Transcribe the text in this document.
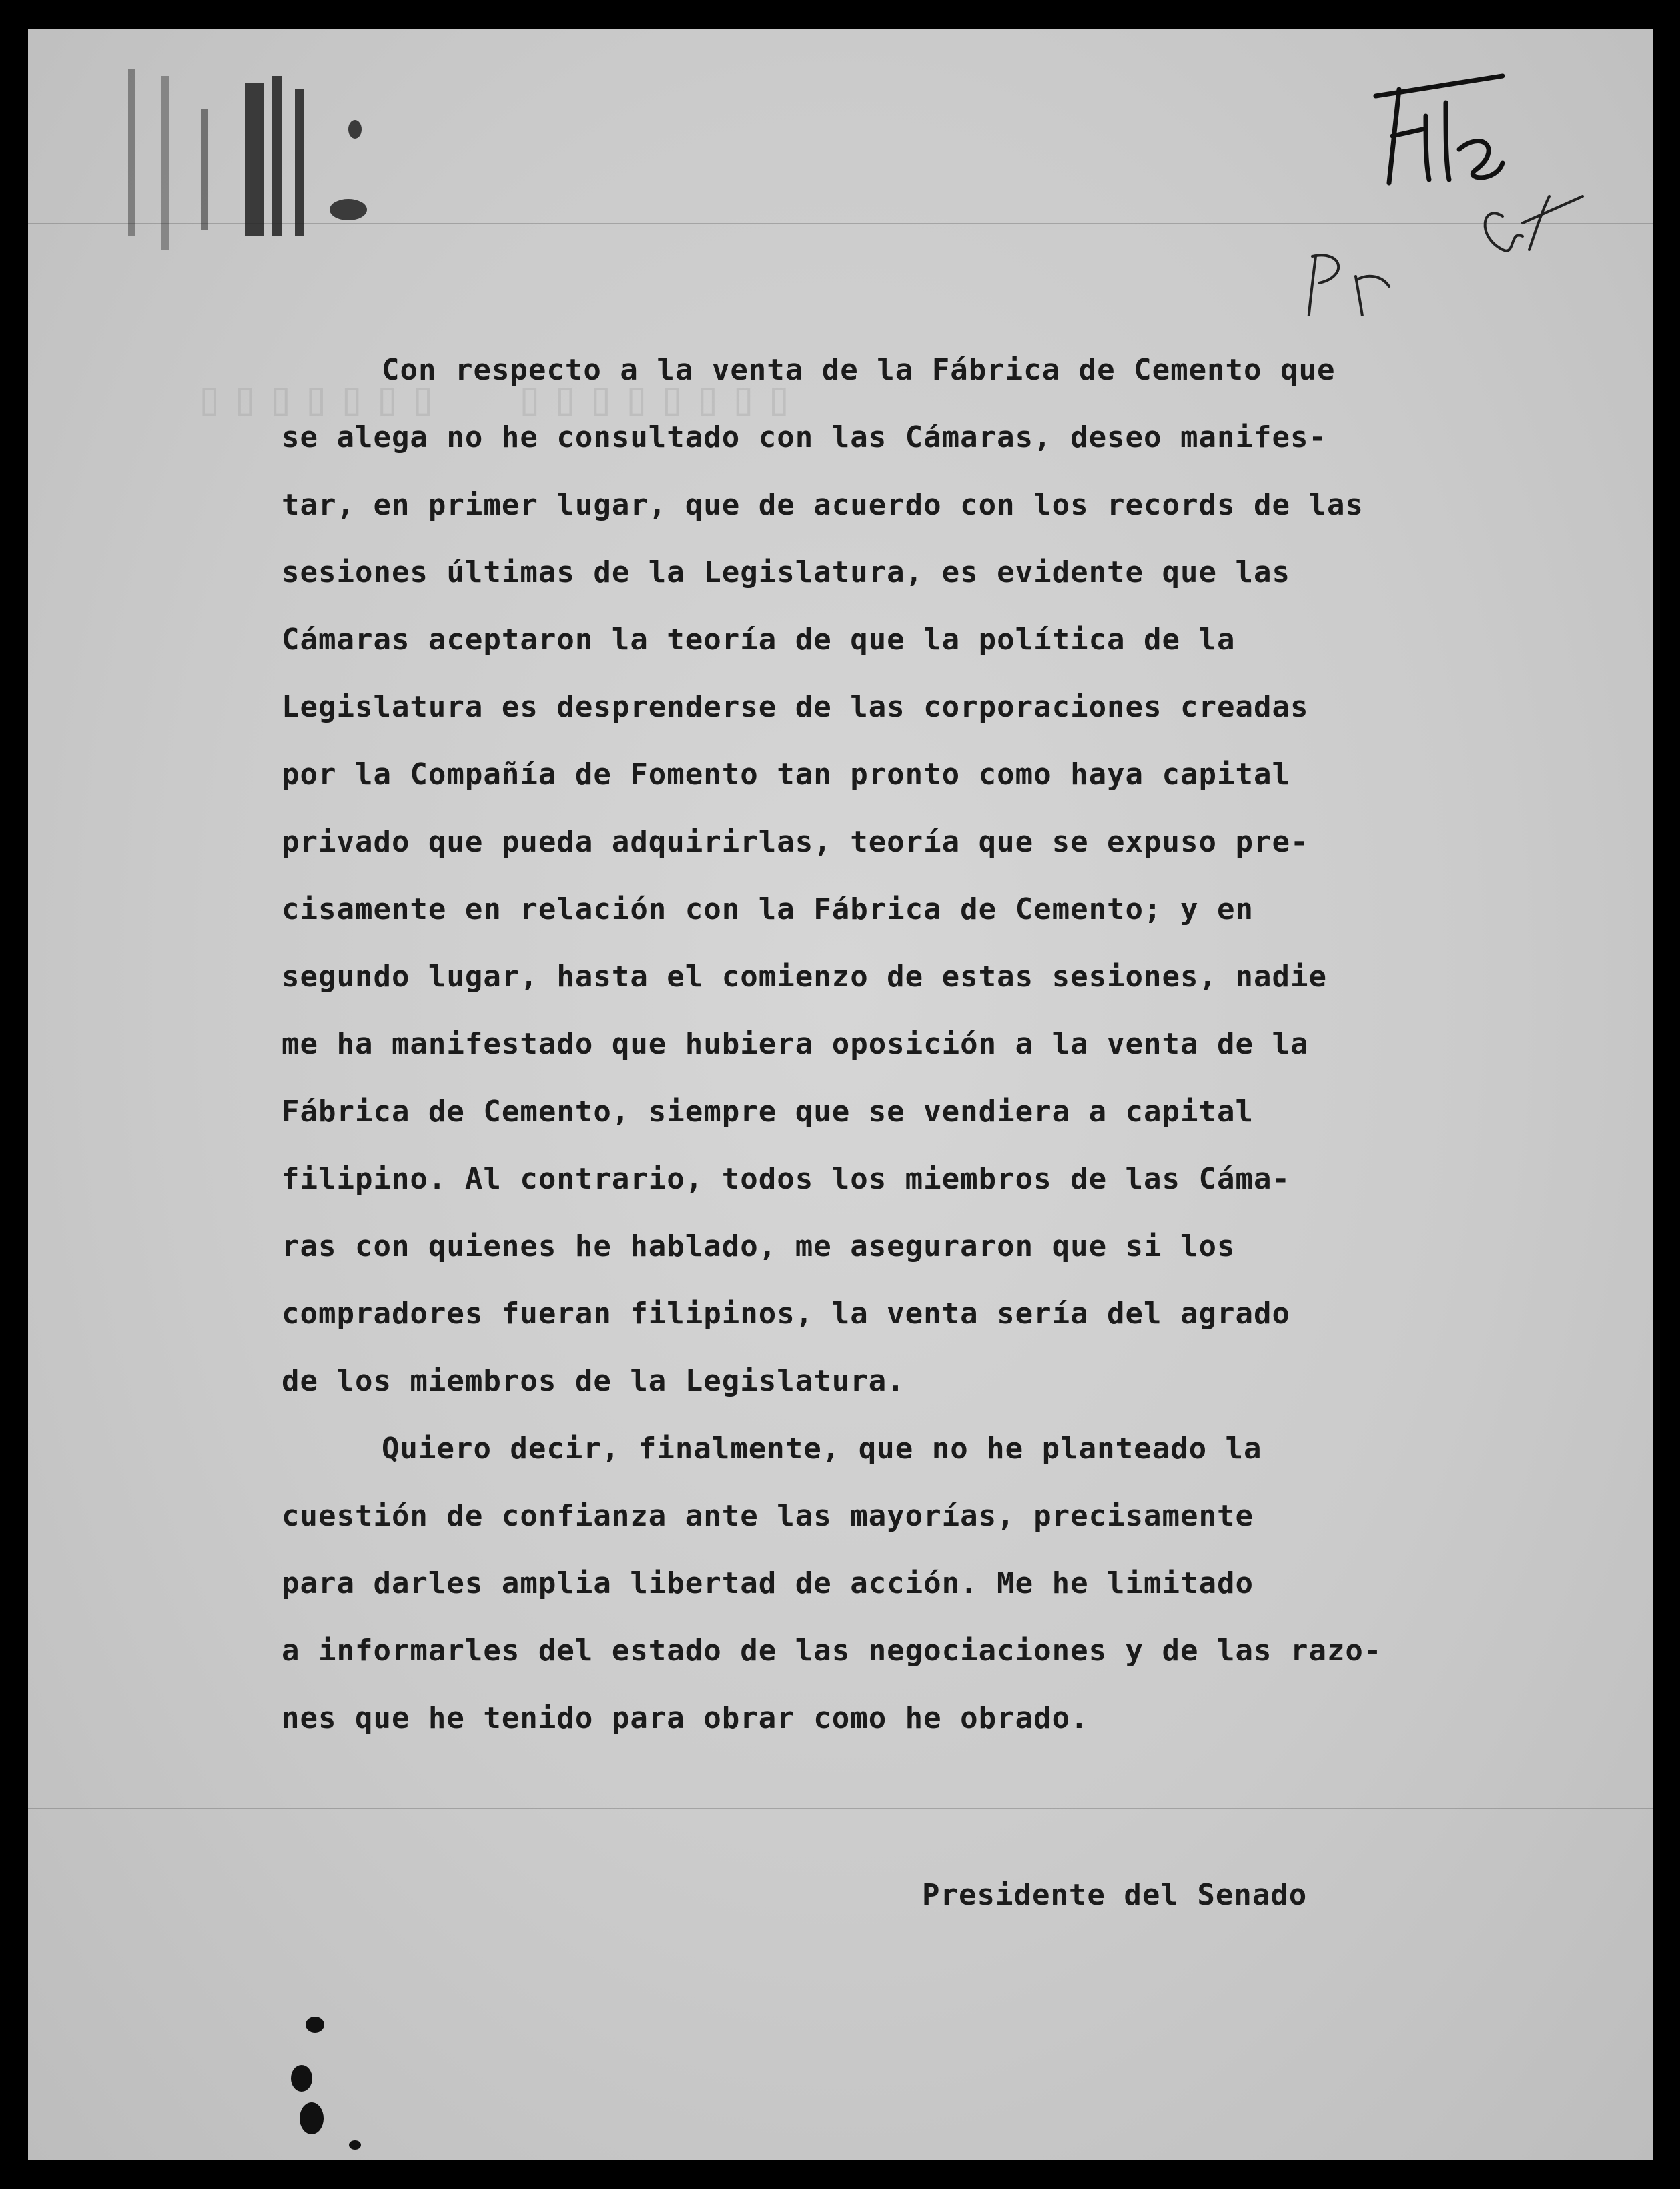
▯▯▯▯▯▯▯  ▯▯▯▯▯▯▯▯
Con respecto a la venta de la Fábrica de Cemento que
se alega no he consultado con las Cámaras, deseo manifes-
tar, en primer lugar, que de acuerdo con los records de las
sesiones últimas de la Legislatura, es evidente que las
Cámaras aceptaron la teoría de que la política de la
Legislatura es desprenderse de las corporaciones creadas
por la Compañía de Fomento tan pronto como haya capital
privado que pueda adquirirlas, teoría que se expuso pre-
cisamente en relación con la Fábrica de Cemento; y en
segundo lugar, hasta el comienzo de estas sesiones, nadie
me ha manifestado que hubiera oposición a la venta de la
Fábrica de Cemento, siempre que se vendiera a capital
filipino. Al contrario, todos los miembros de las Cáma-
ras con quienes he hablado, me aseguraron que si los
compradores fueran filipinos, la venta sería del agrado
de los miembros de la Legislatura.
Quiero decir, finalmente, que no he planteado la
cuestión de confianza ante las mayorías, precisamente
para darles amplia libertad de acción. Me he limitado
a informarles del estado de las negociaciones y de las razo-
nes que he tenido para obrar como he obrado.
Presidente del Senado
